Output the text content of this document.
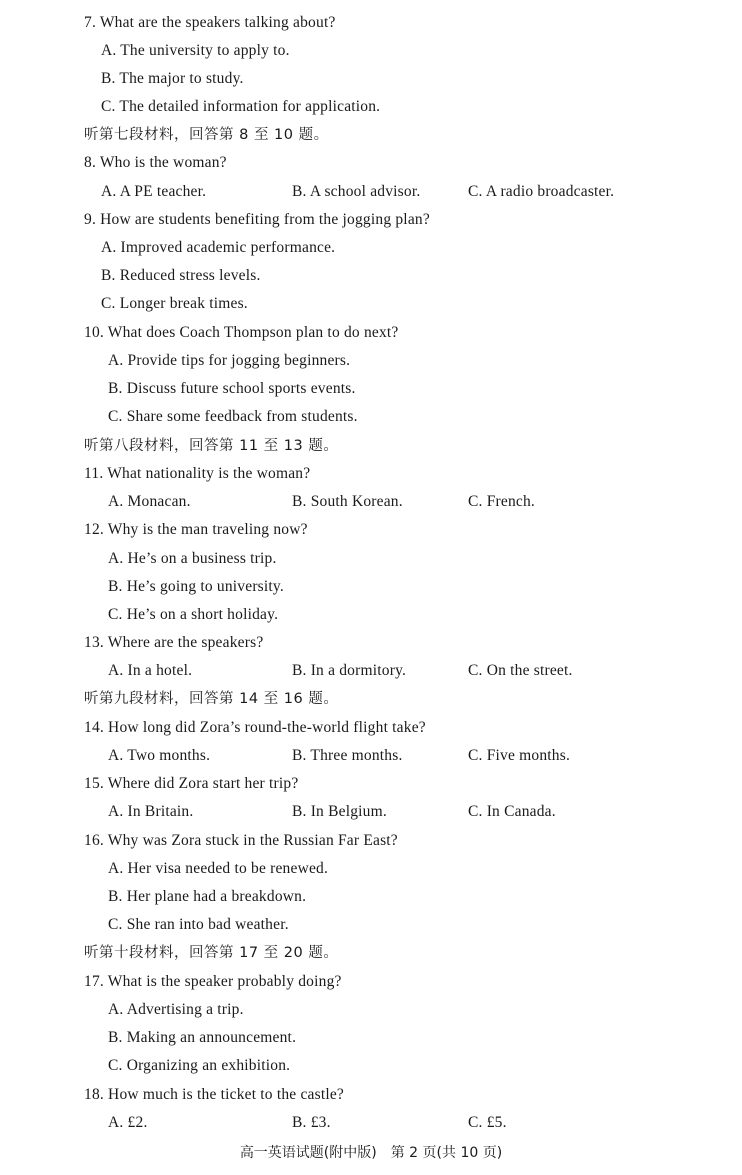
7. What are the speakers talking about?
A. The university to apply to.
B. The major to study.
C. The detailed information for application.
听第七段材料，回答第 8 至 10 题。
8. Who is the woman?
A. A PE teacher.	B. A school advisor.	C. A radio broadcaster.
9. How are students benefiting from the jogging plan?
A. Improved academic performance.
B. Reduced stress levels.
C. Longer break times.
10. What does Coach Thompson plan to do next?
A. Provide tips for jogging beginners.
B. Discuss future school sports events.
C. Share some feedback from students.
听第八段材料，回答第 11 至 13 题。
11. What nationality is the woman?
A. Monacan.	B. South Korean.	C. French.
12. Why is the man traveling now?
A. He’s on a business trip.
B. He’s going to university.
C. He’s on a short holiday.
13. Where are the speakers?
A. In a hotel.	B. In a dormitory.	C. On the street.
听第九段材料，回答第 14 至 16 题。
14. How long did Zora’s round-the-world flight take?
A. Two months.	B. Three months.	C. Five months.
15. Where did Zora start her trip?
A. In Britain.	B. In Belgium.	C. In Canada.
16. Why was Zora stuck in the Russian Far East?
A. Her visa needed to be renewed.
B. Her plane had a breakdown.
C. She ran into bad weather.
听第十段材料，回答第 17 至 20 题。
17. What is the speaker probably doing?
A. Advertising a trip.
B. Making an announcement.
C. Organizing an exhibition.
18. How much is the ticket to the castle?
A. £2.	B. £3.	C. £5.
高一英语试题(附中版)　第 2 页(共 10 页)
